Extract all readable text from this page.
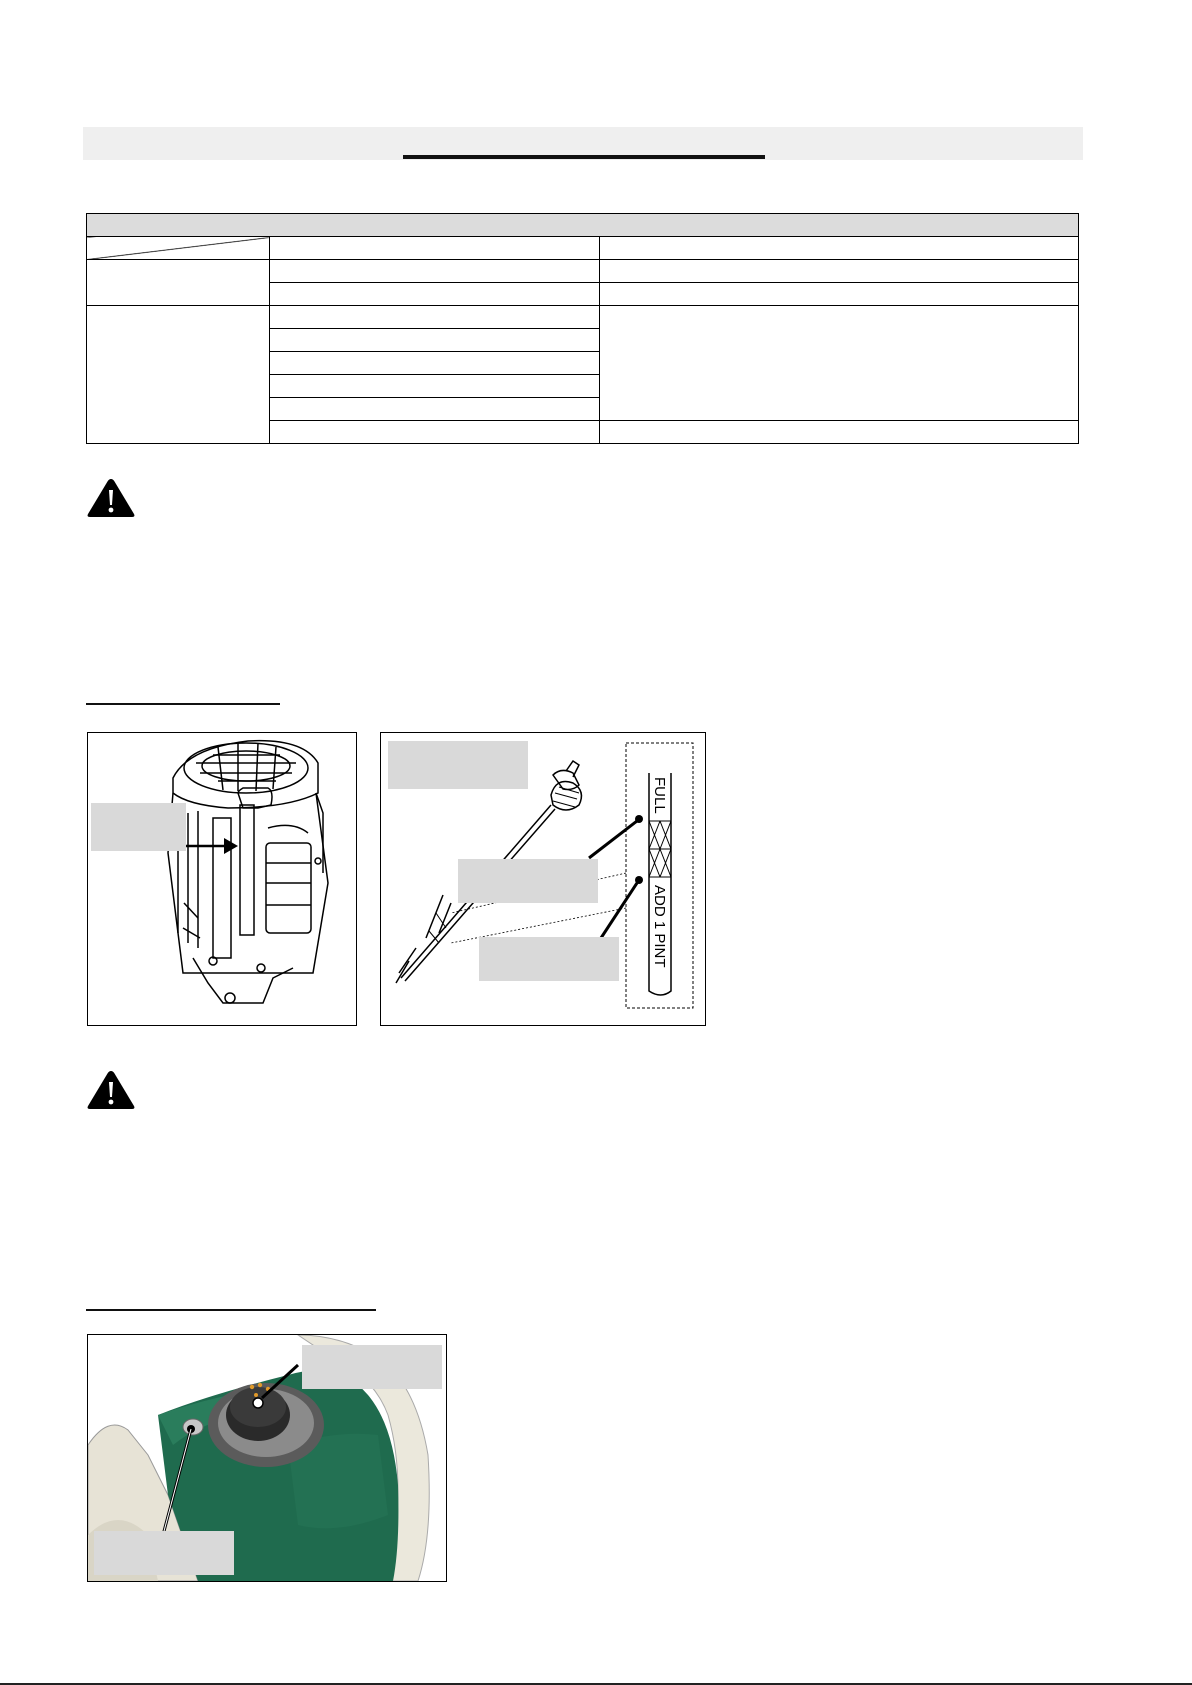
FULL
ADD 1 PINT
